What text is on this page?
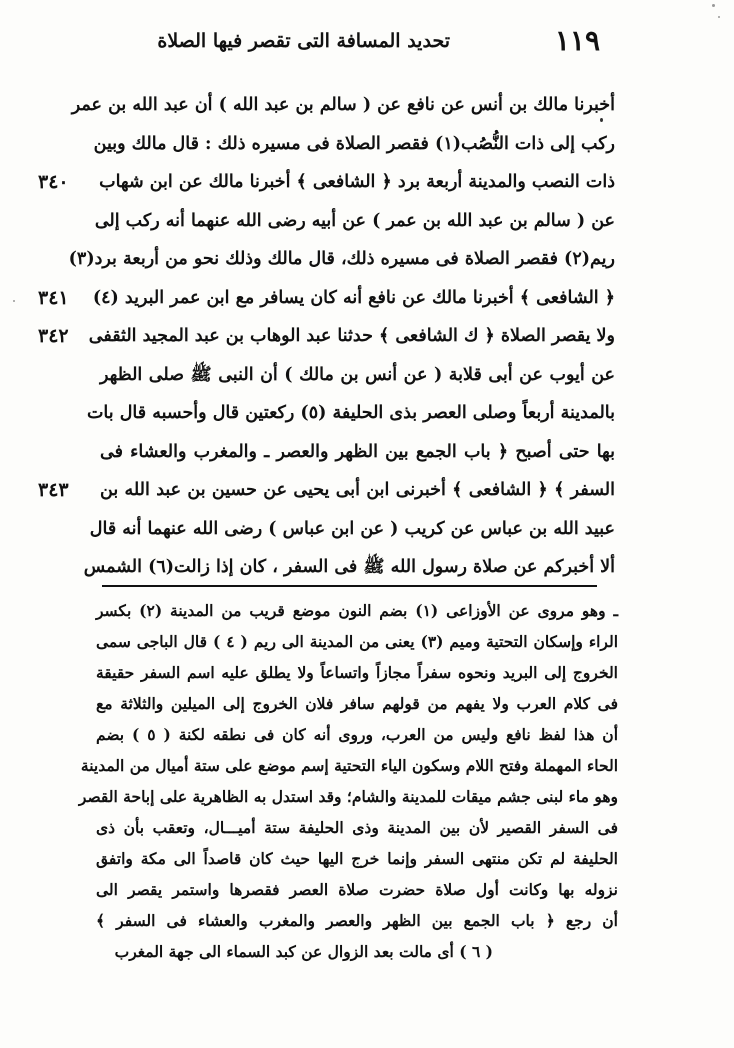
تحديد المسافة التى تقصر فيها الصلاة	١١٩
أخبرنا مالك بن أنس عن نافع عن ( سالم بن عبد الله ) أن عبد الله بن عمر
ركب إلى ذات النُّصُب(١) فقصر الصلاة فى مسيره ذلك : قال مالك وبين
٣٤٠	ذات النصب والمدينة أربعة برد ﴿ الشافعى ﴾ أخبرنا مالك عن ابن شهاب
عن ( سالم بن عبد الله بن عمر ) عن أبيه رضى الله عنهما أنه ركب إلى
ريم(٢) فقصر الصلاة فى مسيره ذلك، قال مالك وذلك نحو من أربعة برد(٣)
٣٤١	﴿ الشافعى ﴾ أخبرنا مالك عن نافع أنه كان يسافر مع ابن عمر البريد (٤)
٣٤٢	ولا يقصر الصلاة ﴿ ك الشافعى ﴾ حدثنا عبد الوهاب بن عبد المجيد الثقفى
عن أيوب عن أبى قلابة ( عن أنس بن مالك ) أن النبى ﷺ صلى الظهر
بالمدينة أربعاً وصلى العصر بذى الحليفة (٥) ركعتين قال وأحسبه قال بات
بها حتى أصبح ﴿ باب الجمع بين الظهر والعصر ـ والمغرب والعشاء فى
٣٤٣	السفر ﴾ ﴿ الشافعى ﴾ أخبرنى ابن أبى يحيى عن حسين بن عبد الله بن
عبيد الله بن عباس عن كريب ( عن ابن عباس ) رضى الله عنهما أنه قال
ألا أخبركم عن صلاة رسول الله ﷺ فى السفر ، كان إذا زالت(٦) الشمس
ـ وهو مروى عن الأوزاعى (١) بضم النون موضع قريب من المدينة (٢) بكسر
الراء وإسكان التحتية وميم (٣) يعنى من المدينة الى ريم ( ٤ ) قال الباجى سمى
الخروج إلى البريد ونحوه سفراً مجازاً واتساعاً ولا يطلق عليه اسم السفر حقيقة
فى كلام العرب ولا يفهم من قولهم سافر فلان الخروج إلى الميلين والثلاثة مع
أن هذا لفظ نافع وليس من العرب، وروى أنه كان فى نطقه لكنة ( ٥ ) بضم
الحاء المهملة وفتح اللام وسكون الياء التحتية إسم موضع على ستة أميال من المدينة
وهو ماء لبنى جشم ميقات للمدينة والشام؛ وقد استدل به الظاهرية على إباحة القصر
فى السفر القصير لأن بين المدينة وذى الحليفة ستة أميـــال، وتعقب بأن ذى
الحليفة لم تكن منتهى السفر وإنما خرج اليها حيث كان قاصداً الى مكة واتفق
نزوله بها وكانت أول صلاة حضرت صلاة العصر فقصرها واستمر يقصر الى
أن رجع ﴿ باب الجمع بين الظهر والعصر والمغرب والعشاء فى السفر ﴾
( ٦ ) أى مالت بعد الزوال عن كبد السماء الى جهة المغرب
